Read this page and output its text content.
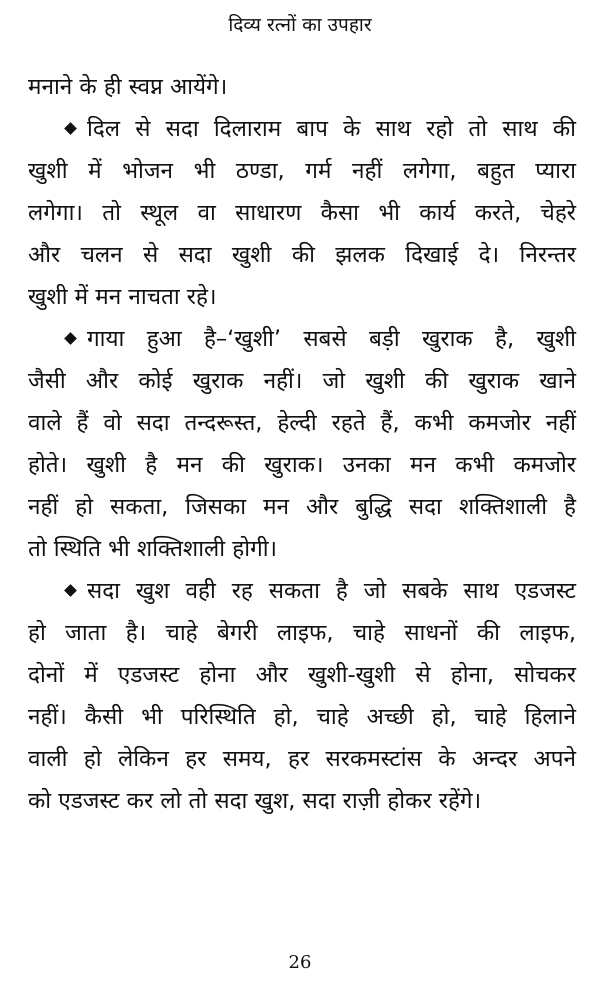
दिव्य रत्नों का उपहार
मनाने के ही स्वप्न आयेंगे।
दिल से सदा दिलाराम बाप के साथ रहो तो साथ की
खुशी में भोजन भी ठण्डा, गर्म नहीं लगेगा, बहुत प्यारा
लगेगा। तो स्थूल वा साधारण कैसा भी कार्य करते, चेहरे
और चलन से सदा खुशी की झलक दिखाई दे। निरन्तर
खुशी में मन नाचता रहे।
गाया हुआ है–‘खुशी’ सबसे बड़ी खुराक है, खुशी
जैसी और कोई खुराक नहीं। जो खुशी की खुराक खाने
वाले हैं वो सदा तन्दरूस्त, हेल्दी रहते हैं, कभी कमजोर नहीं
होते। खुशी है मन की खुराक। उनका मन कभी कमजोर
नहीं हो सकता, जिसका मन और बुद्धि सदा शक्तिशाली है
तो स्थिति भी शक्तिशाली होगी।
सदा खुश वही रह सकता है जो सबके साथ एडजस्ट
हो जाता है। चाहे बेगरी लाइफ, चाहे साधनों की लाइफ,
दोनों में एडजस्ट होना और खुशी-खुशी से होना, सोचकर
नहीं। कैसी भी परिस्थिति हो, चाहे अच्छी हो, चाहे हिलाने
वाली हो लेकिन हर समय, हर सरकमस्टांस के अन्दर अपने
को एडजस्ट कर लो तो सदा खुश, सदा राज़ी होकर रहेंगे।
26
